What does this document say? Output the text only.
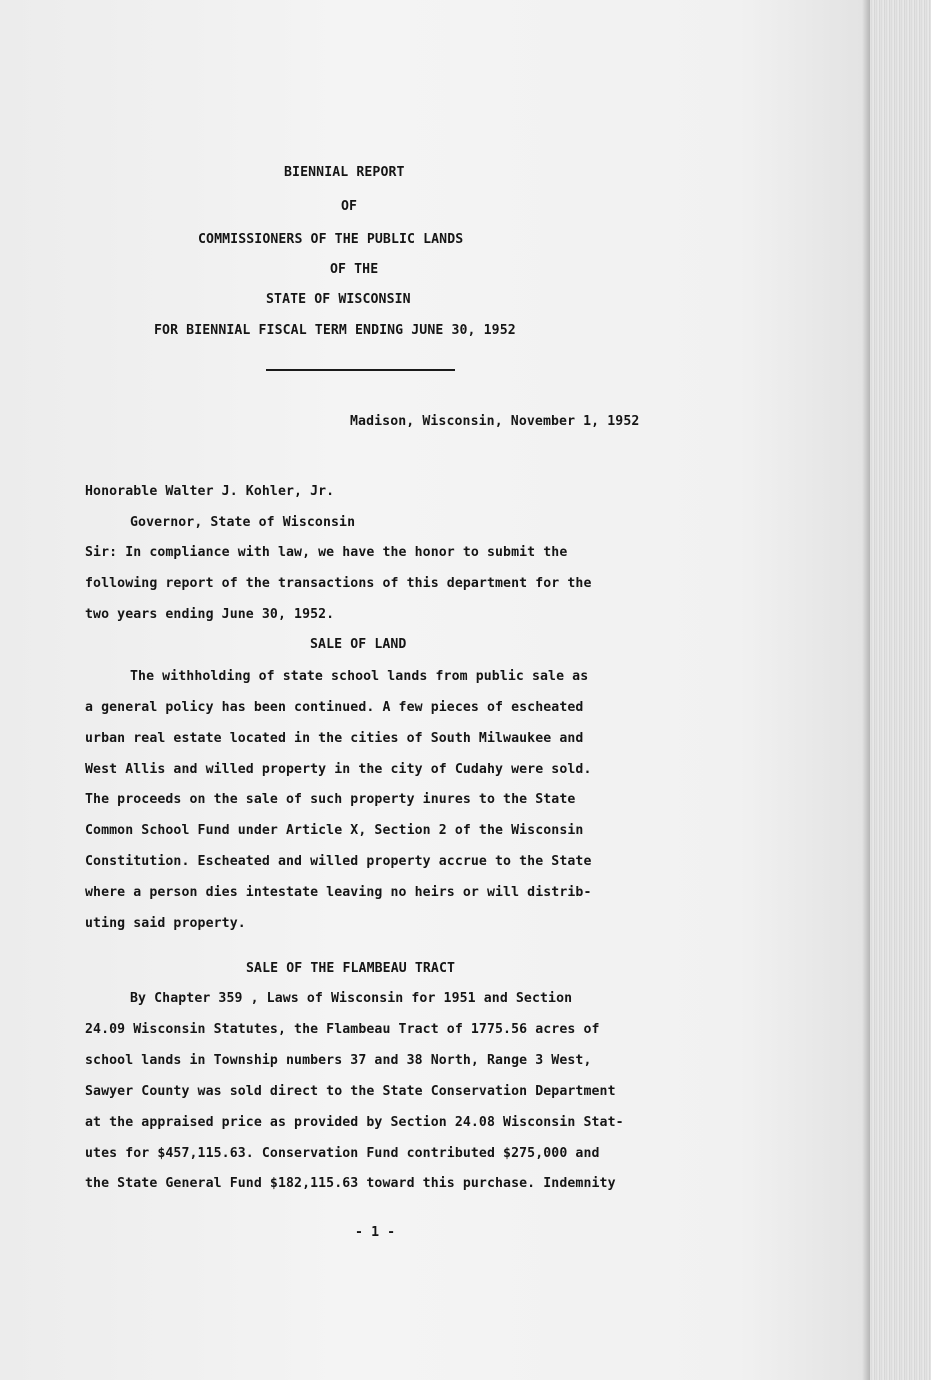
BIENNIAL REPORT

OF

COMMISSIONERS OF THE PUBLIC LANDS

OF THE

STATE OF WISCONSIN

FOR BIENNIAL FISCAL TERM ENDING JUNE 30, 1952

Madison, Wisconsin, November 1, 1952

Honorable Walter J. Kohler, Jr.

Governor, State of Wisconsin

Sir: In compliance with law, we have the honor to submit the

following report of the transactions of this department for the

two years ending June 30, 1952.

SALE OF LAND

The withholding of state school lands from public sale as

a general policy has been continued. A few pieces of escheated

urban real estate located in the cities of South Milwaukee and

West Allis and willed property in the city of Cudahy were sold.

The proceeds on the sale of such property inures to the State

Common School Fund under Article X, Section 2 of the Wisconsin

Constitution. Escheated and willed property accrue to the State

where a person dies intestate leaving no heirs or will distrib-

uting said property.

SALE OF THE FLAMBEAU TRACT

By Chapter 359 , Laws of Wisconsin for 1951 and Section

24.09 Wisconsin Statutes, the Flambeau Tract of 1775.56 acres of

school lands in Township numbers 37 and 38 North, Range 3 West,

Sawyer County was sold direct to the State Conservation Department

at the appraised price as provided by Section 24.08 Wisconsin Stat-

utes for $457,115.63. Conservation Fund contributed $275,000 and

the State General Fund $182,115.63 toward this purchase. Indemnity

- 1 -
